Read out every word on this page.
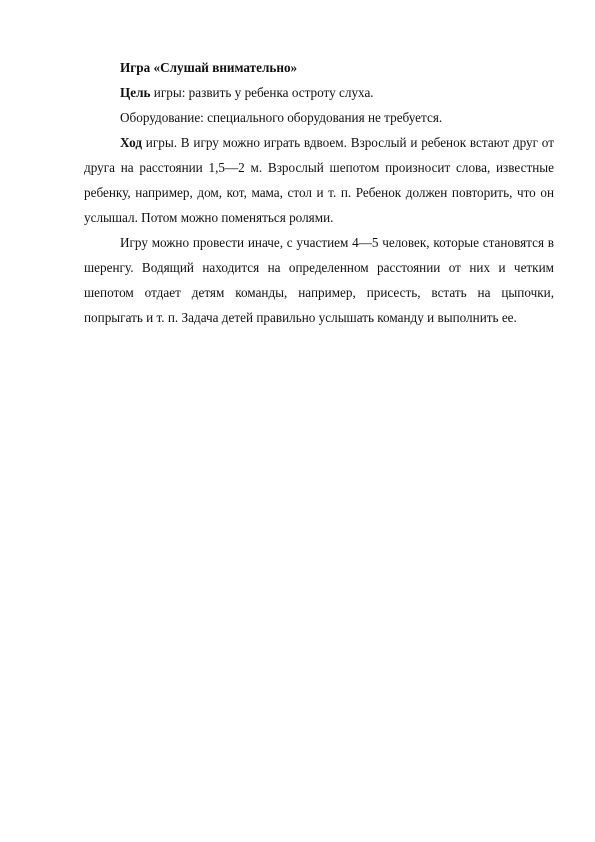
Игра «Слушай внимательно»

Цель игры: развить у ребенка остроту слуха.

Оборудование: специального оборудования не требуется.

Ход игры. В игру можно играть вдвоем. Взрослый и ребенок встают друг от друга на расстоянии 1,5—2 м. Взрослый шепотом произносит слова, известные ребенку, например, дом, кот, мама, стол и т. п. Ребенок должен повторить, что он услышал. Потом можно поменяться ролями.

Игру можно провести иначе, с участием 4—5 человек, которые становятся в шеренгу. Водящий находится на определенном расстоянии от них и четким шепотом отдает детям команды, например, присесть, встать на цыпочки, попрыгать и т. п. Задача детей правильно услышать команду и выполнить ее.
